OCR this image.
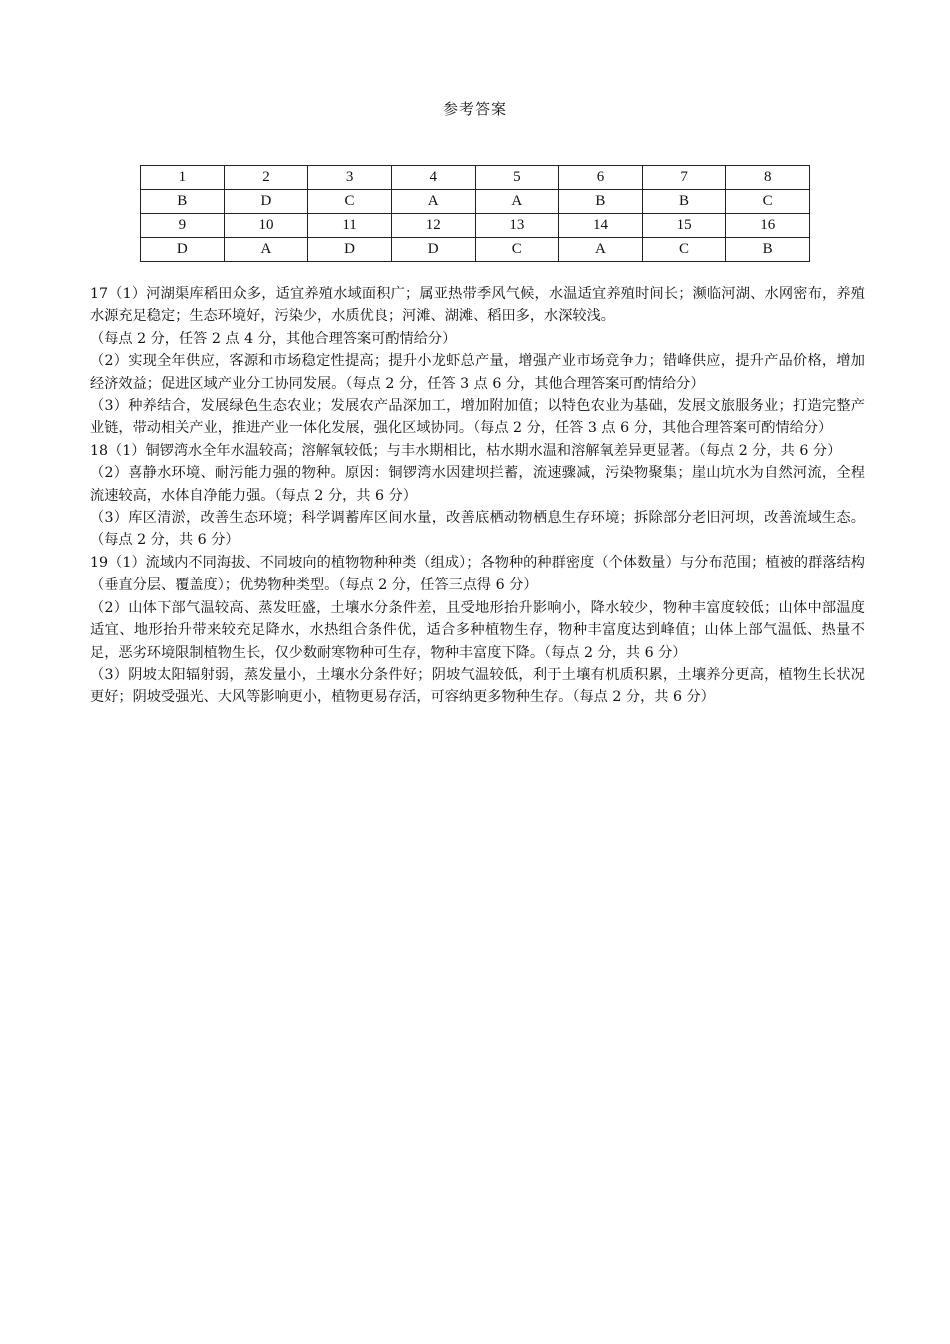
参考答案
1	2	3	4	5	6	7	8
B	D	C	A	A	B	B	C
9	10	11	12	13	14	15	16
D	A	D	D	C	A	C	B

17（1）河湖渠库稻田众多，适宜养殖水域面积广；属亚热带季风气候，水温适宜养殖时间长；濒临河湖、水网密布，养殖水源充足稳定；生态环境好，污染少，水质优良；河滩、湖滩、稻田多，水深较浅。

（每点 2 分，任答 2 点 4 分，其他合理答案可酌情给分）

（2）实现全年供应，客源和市场稳定性提高；提升小龙虾总产量，增强产业市场竞争力；错峰供应，提升产品价格，增加经济效益；促进区域产业分工协同发展。（每点 2 分，任答 3 点 6 分，其他合理答案可酌情给分）

（3）种养结合，发展绿色生态农业；发展农产品深加工，增加附加值；以特色农业为基础，发展文旅服务业；打造完整产业链，带动相关产业，推进产业一体化发展，强化区域协同。（每点 2 分，任答 3 点 6 分，其他合理答案可酌情给分）

18（1）铜锣湾水全年水温较高；溶解氧较低；与丰水期相比，枯水期水温和溶解氧差异更显著。（每点 2 分，共 6 分）

（2）喜静水环境、耐污能力强的物种。原因：铜锣湾水因建坝拦蓄，流速骤减，污染物聚集；崖山坑水为自然河流，全程流速较高，水体自净能力强。（每点 2 分，共 6 分）

（3）库区清淤，改善生态环境；科学调蓄库区间水量，改善底栖动物栖息生存环境；拆除部分老旧河坝，改善流域生态。（每点 2 分，共 6 分）

19（1）流域内不同海拔、不同坡向的植物物种种类（组成）；各物种的种群密度（个体数量）与分布范围；植被的群落结构（垂直分层、覆盖度）；优势物种类型。（每点 2 分，任答三点得 6 分）

（2）山体下部气温较高、蒸发旺盛，土壤水分条件差，且受地形抬升影响小，降水较少，物种丰富度较低；山体中部温度适宜、地形抬升带来较充足降水，水热组合条件优，适合多种植物生存，物种丰富度达到峰值；山体上部气温低、热量不足，恶劣环境限制植物生长，仅少数耐寒物种可生存，物种丰富度下降。（每点 2 分，共 6 分）

（3）阴坡太阳辐射弱，蒸发量小，土壤水分条件好；阴坡气温较低，利于土壤有机质积累，土壤养分更高，植物生长状况更好；阴坡受强光、大风等影响更小，植物更易存活，可容纳更多物种生存。（每点 2 分，共 6 分）
